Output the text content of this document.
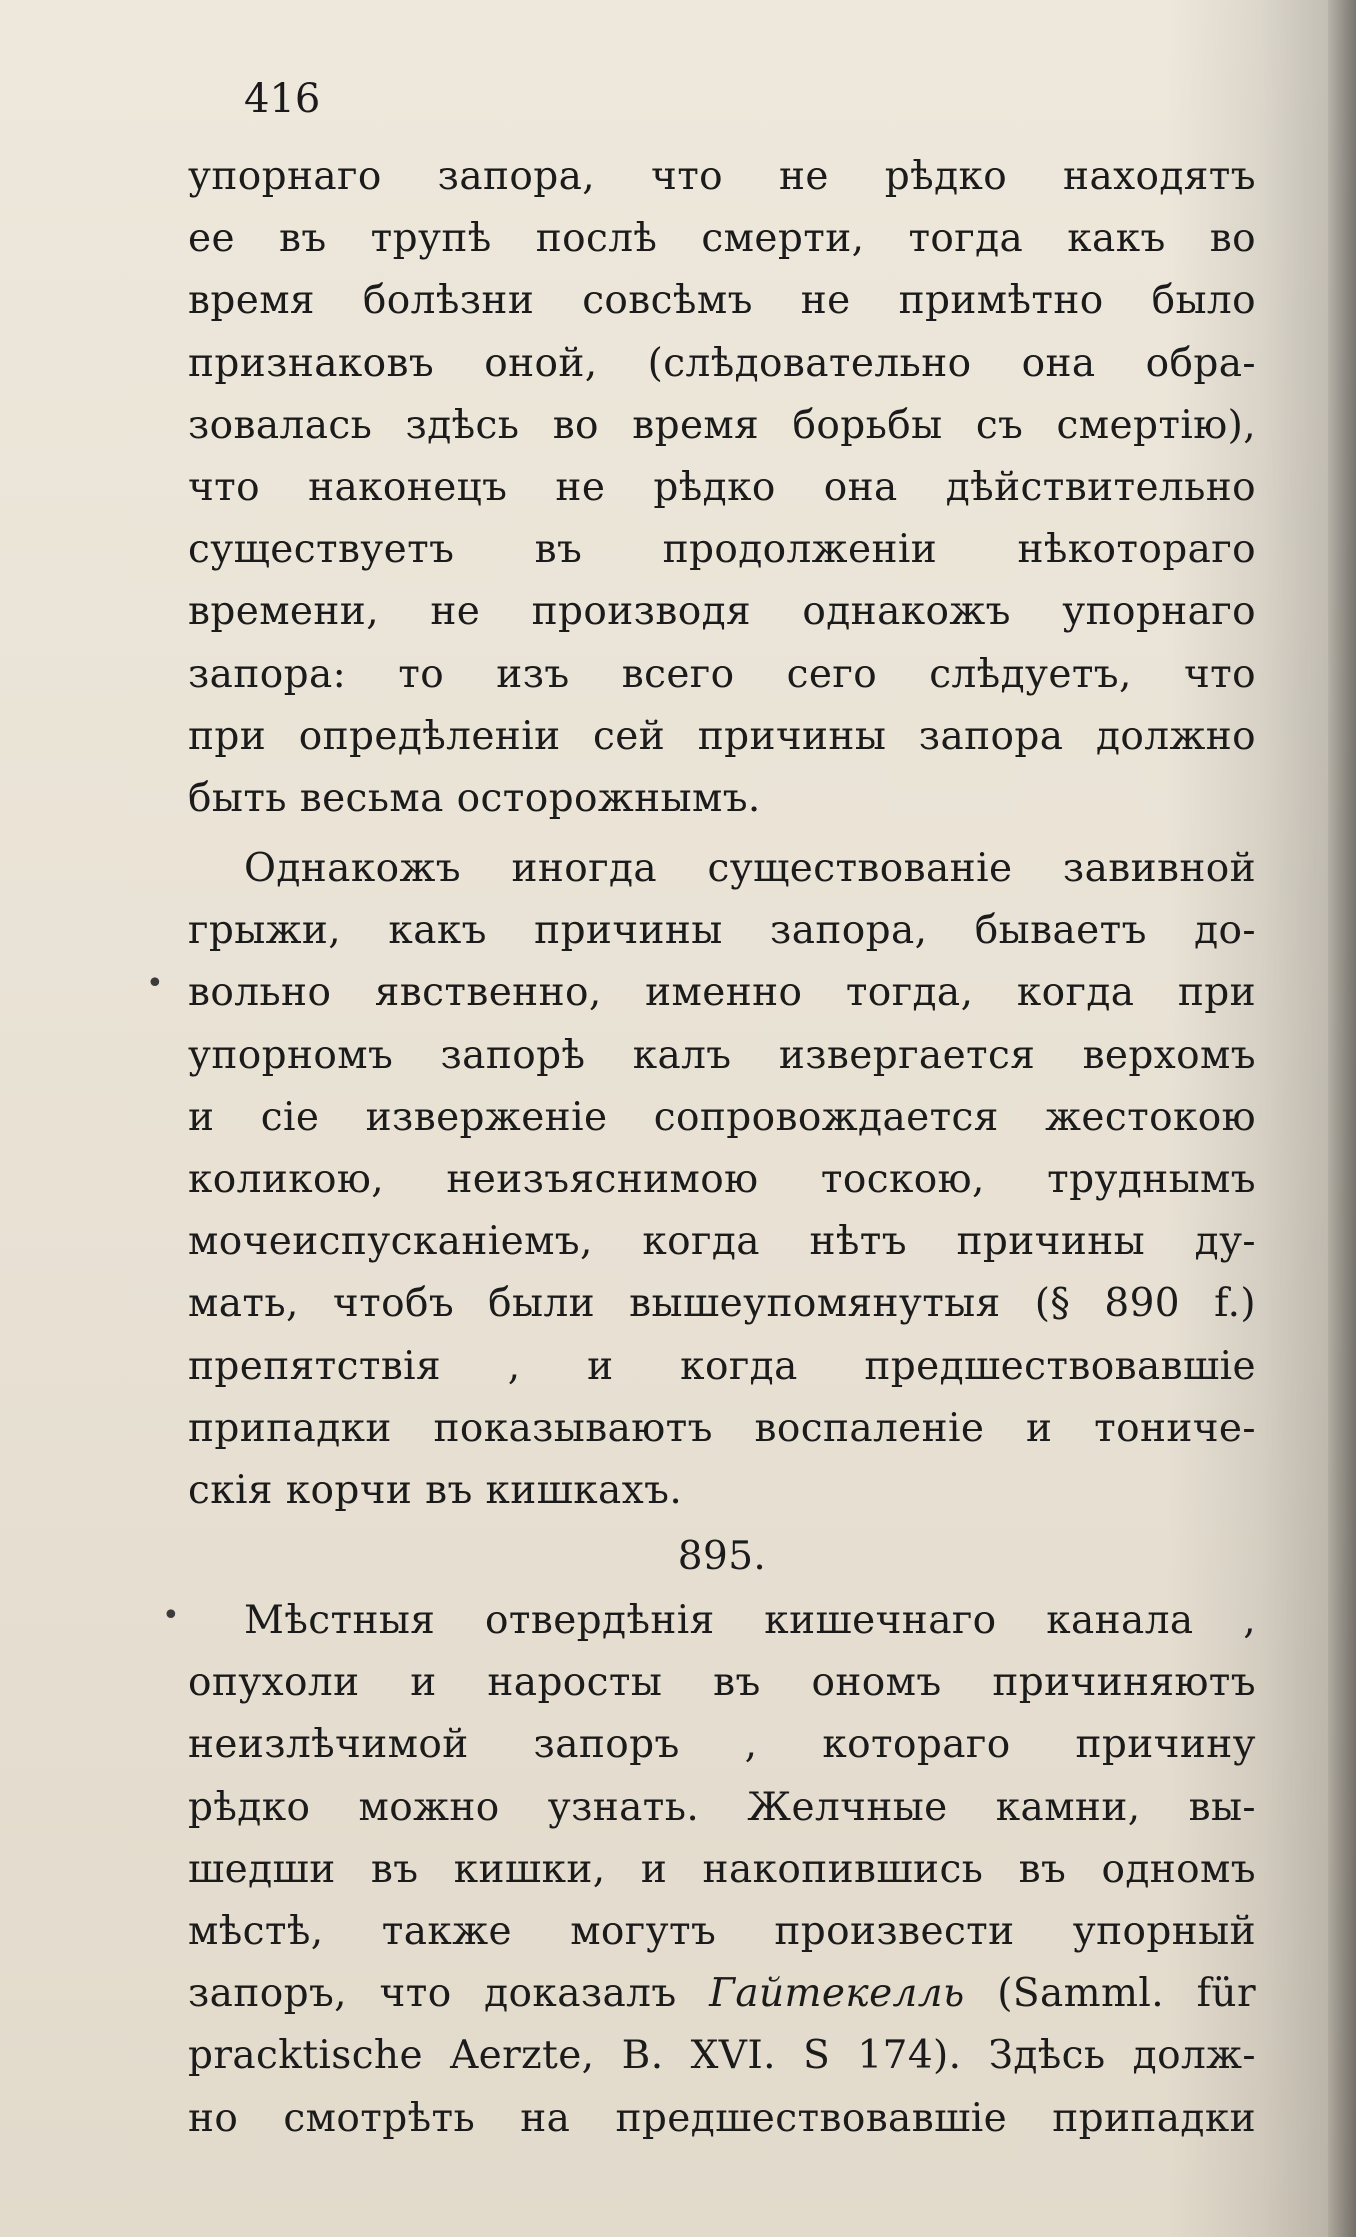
416
упорнаго запора, что не рѣдко находятъ
ее въ трупѣ послѣ смерти, тогда какъ во
время болѣзни совсѣмъ не примѣтно было
признаковъ оной, (слѣдовательно она обра-
зовалась здѣсь во время борьбы съ смертію),
что наконецъ не рѣдко она дѣйствительно
существуетъ въ продолженіи нѣкотораго
времени, не производя однакожъ упорнаго
запора: то изъ всего сего слѣдуетъ, что
при опредѣленіи сей причины запора должно
быть весьма осторожнымъ.
Однакожъ иногда существованіе завивной
грыжи, какъ причины запора, бываетъ до-
вольно явственно, именно тогда, когда при
упорномъ запорѣ калъ извергается верхомъ
и сіе изверженіе сопровождается жестокою
коликою, неизъяснимою тоскою, труднымъ
мочеиспусканіемъ, когда нѣтъ причины ду-
мать, чтобъ были вышеупомянутыя (§ 890 f.)
препятствія , и когда предшествовавшіе
припадки показываютъ воспаленіе и тониче-
скія корчи въ кишкахъ.
895.
Мѣстныя отвердѣнія кишечнаго канала ,
опухоли и наросты въ ономъ причиняютъ
неизлѣчимой запоръ , котораго причину
рѣдко можно узнать. Желчные камни, вы-
шедши въ кишки, и накопившись въ одномъ
мѣстѣ, также могутъ произвести упорный
запоръ, что доказалъ Гайтекелль (Samml. für
pracktische Aerzte, B. XVI. S 174). Здѣсь долж-
но смотрѣть на предшествовавшіе припадки
•
•
